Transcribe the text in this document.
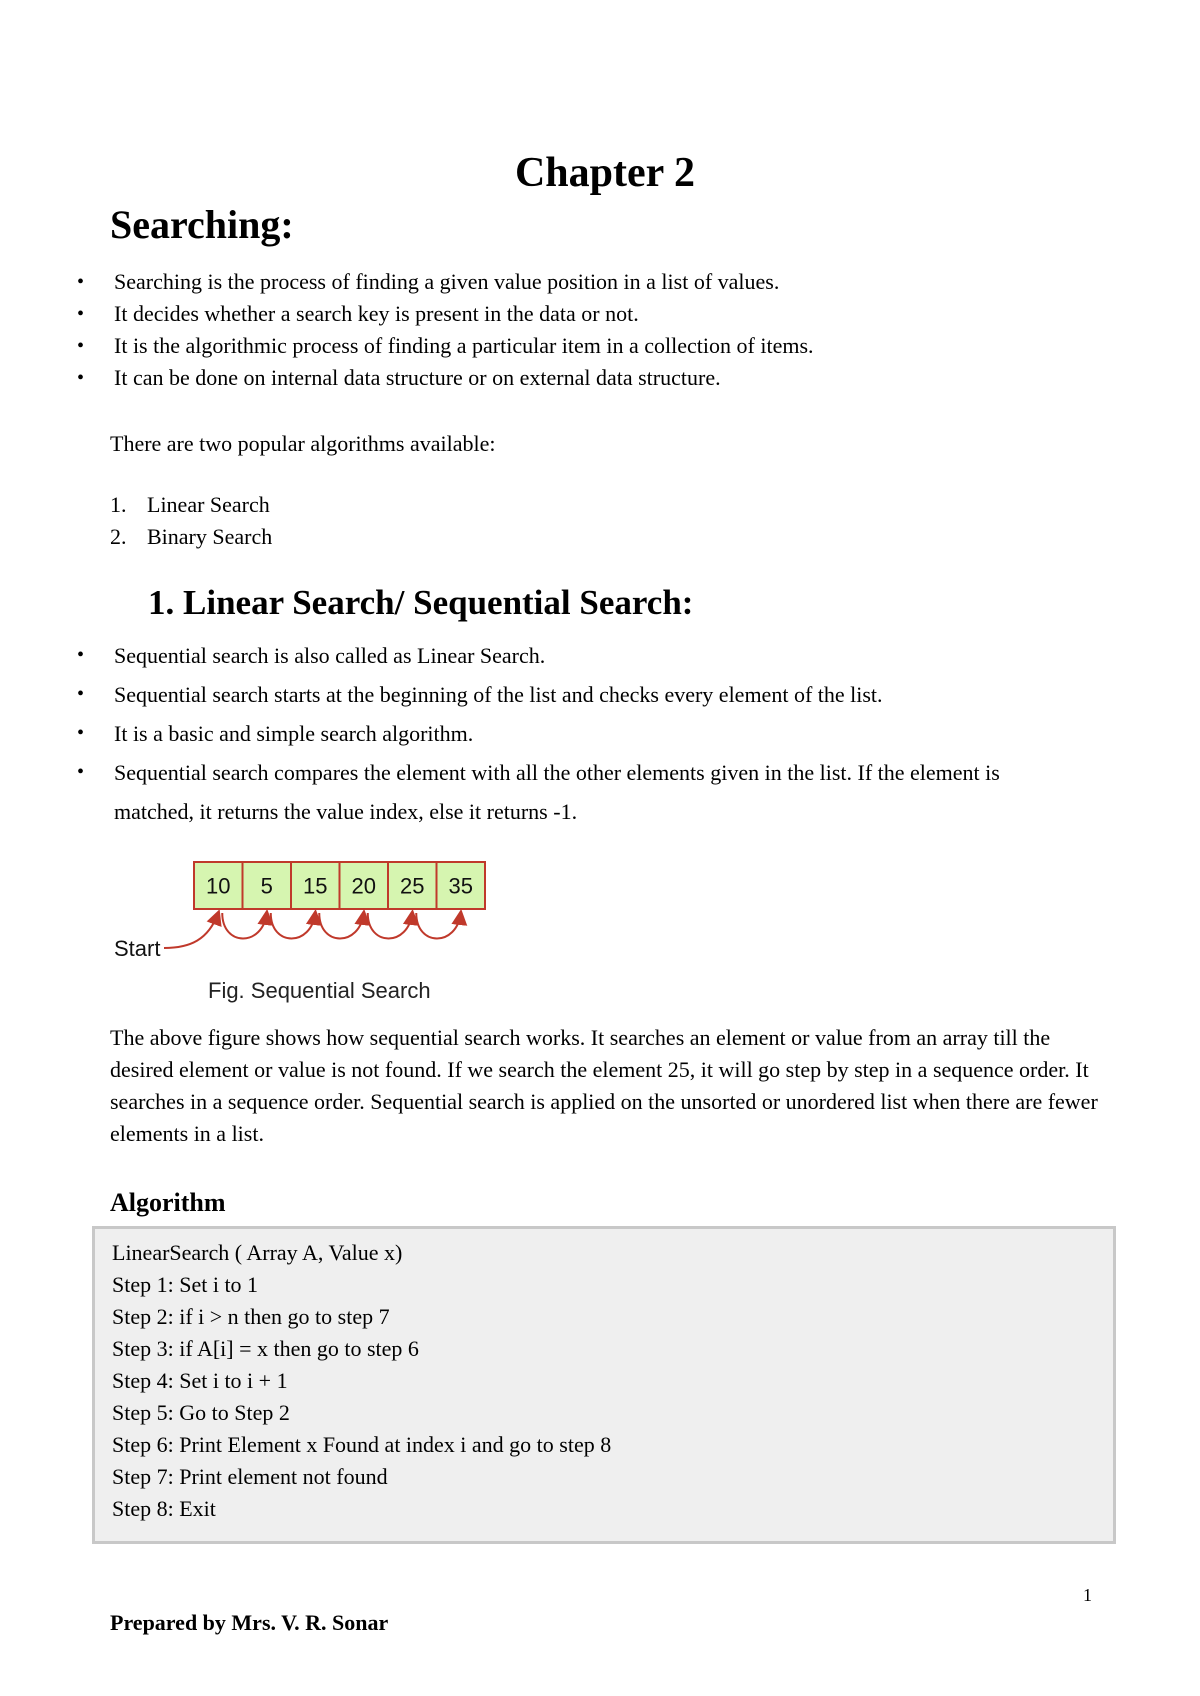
Chapter 2
Searching:
• Searching is the process of finding a given value position in a list of values.
• It decides whether a search key is present in the data or not.
• It is the algorithmic process of finding a particular item in a collection of items.
• It can be done on internal data structure or on external data structure.

There are two popular algorithms available:

1. Linear Search
2. Binary Search
1. Linear Search/ Sequential Search:
• Sequential search is also called as Linear Search.
• Sequential search starts at the beginning of the list and checks every element of the list.
• It is a basic and simple search algorithm.
• Sequential search compares the element with all the other elements given in the list. If the element is matched, it returns the value index, else it returns -1.
10 5 15 20 25 35
Start

Fig. Sequential Search

The above figure shows how sequential search works. It searches an element or value from an array till the desired element or value is not found. If we search the element 25, it will go step by step in a sequence order. It searches in a sequence order. Sequential search is applied on the unsorted or unordered list when there are fewer elements in a list.

Algorithm
LinearSearch ( Array A, Value x)
Step 1: Set i to 1
Step 2: if i > n then go to step 7
Step 3: if A[i] = x then go to step 6
Step 4: Set i to i + 1
Step 5: Go to Step 2
Step 6: Print Element x Found at index i and go to step 8
Step 7: Print element not found
Step 8: Exit

1

Prepared by Mrs. V. R. Sonar
